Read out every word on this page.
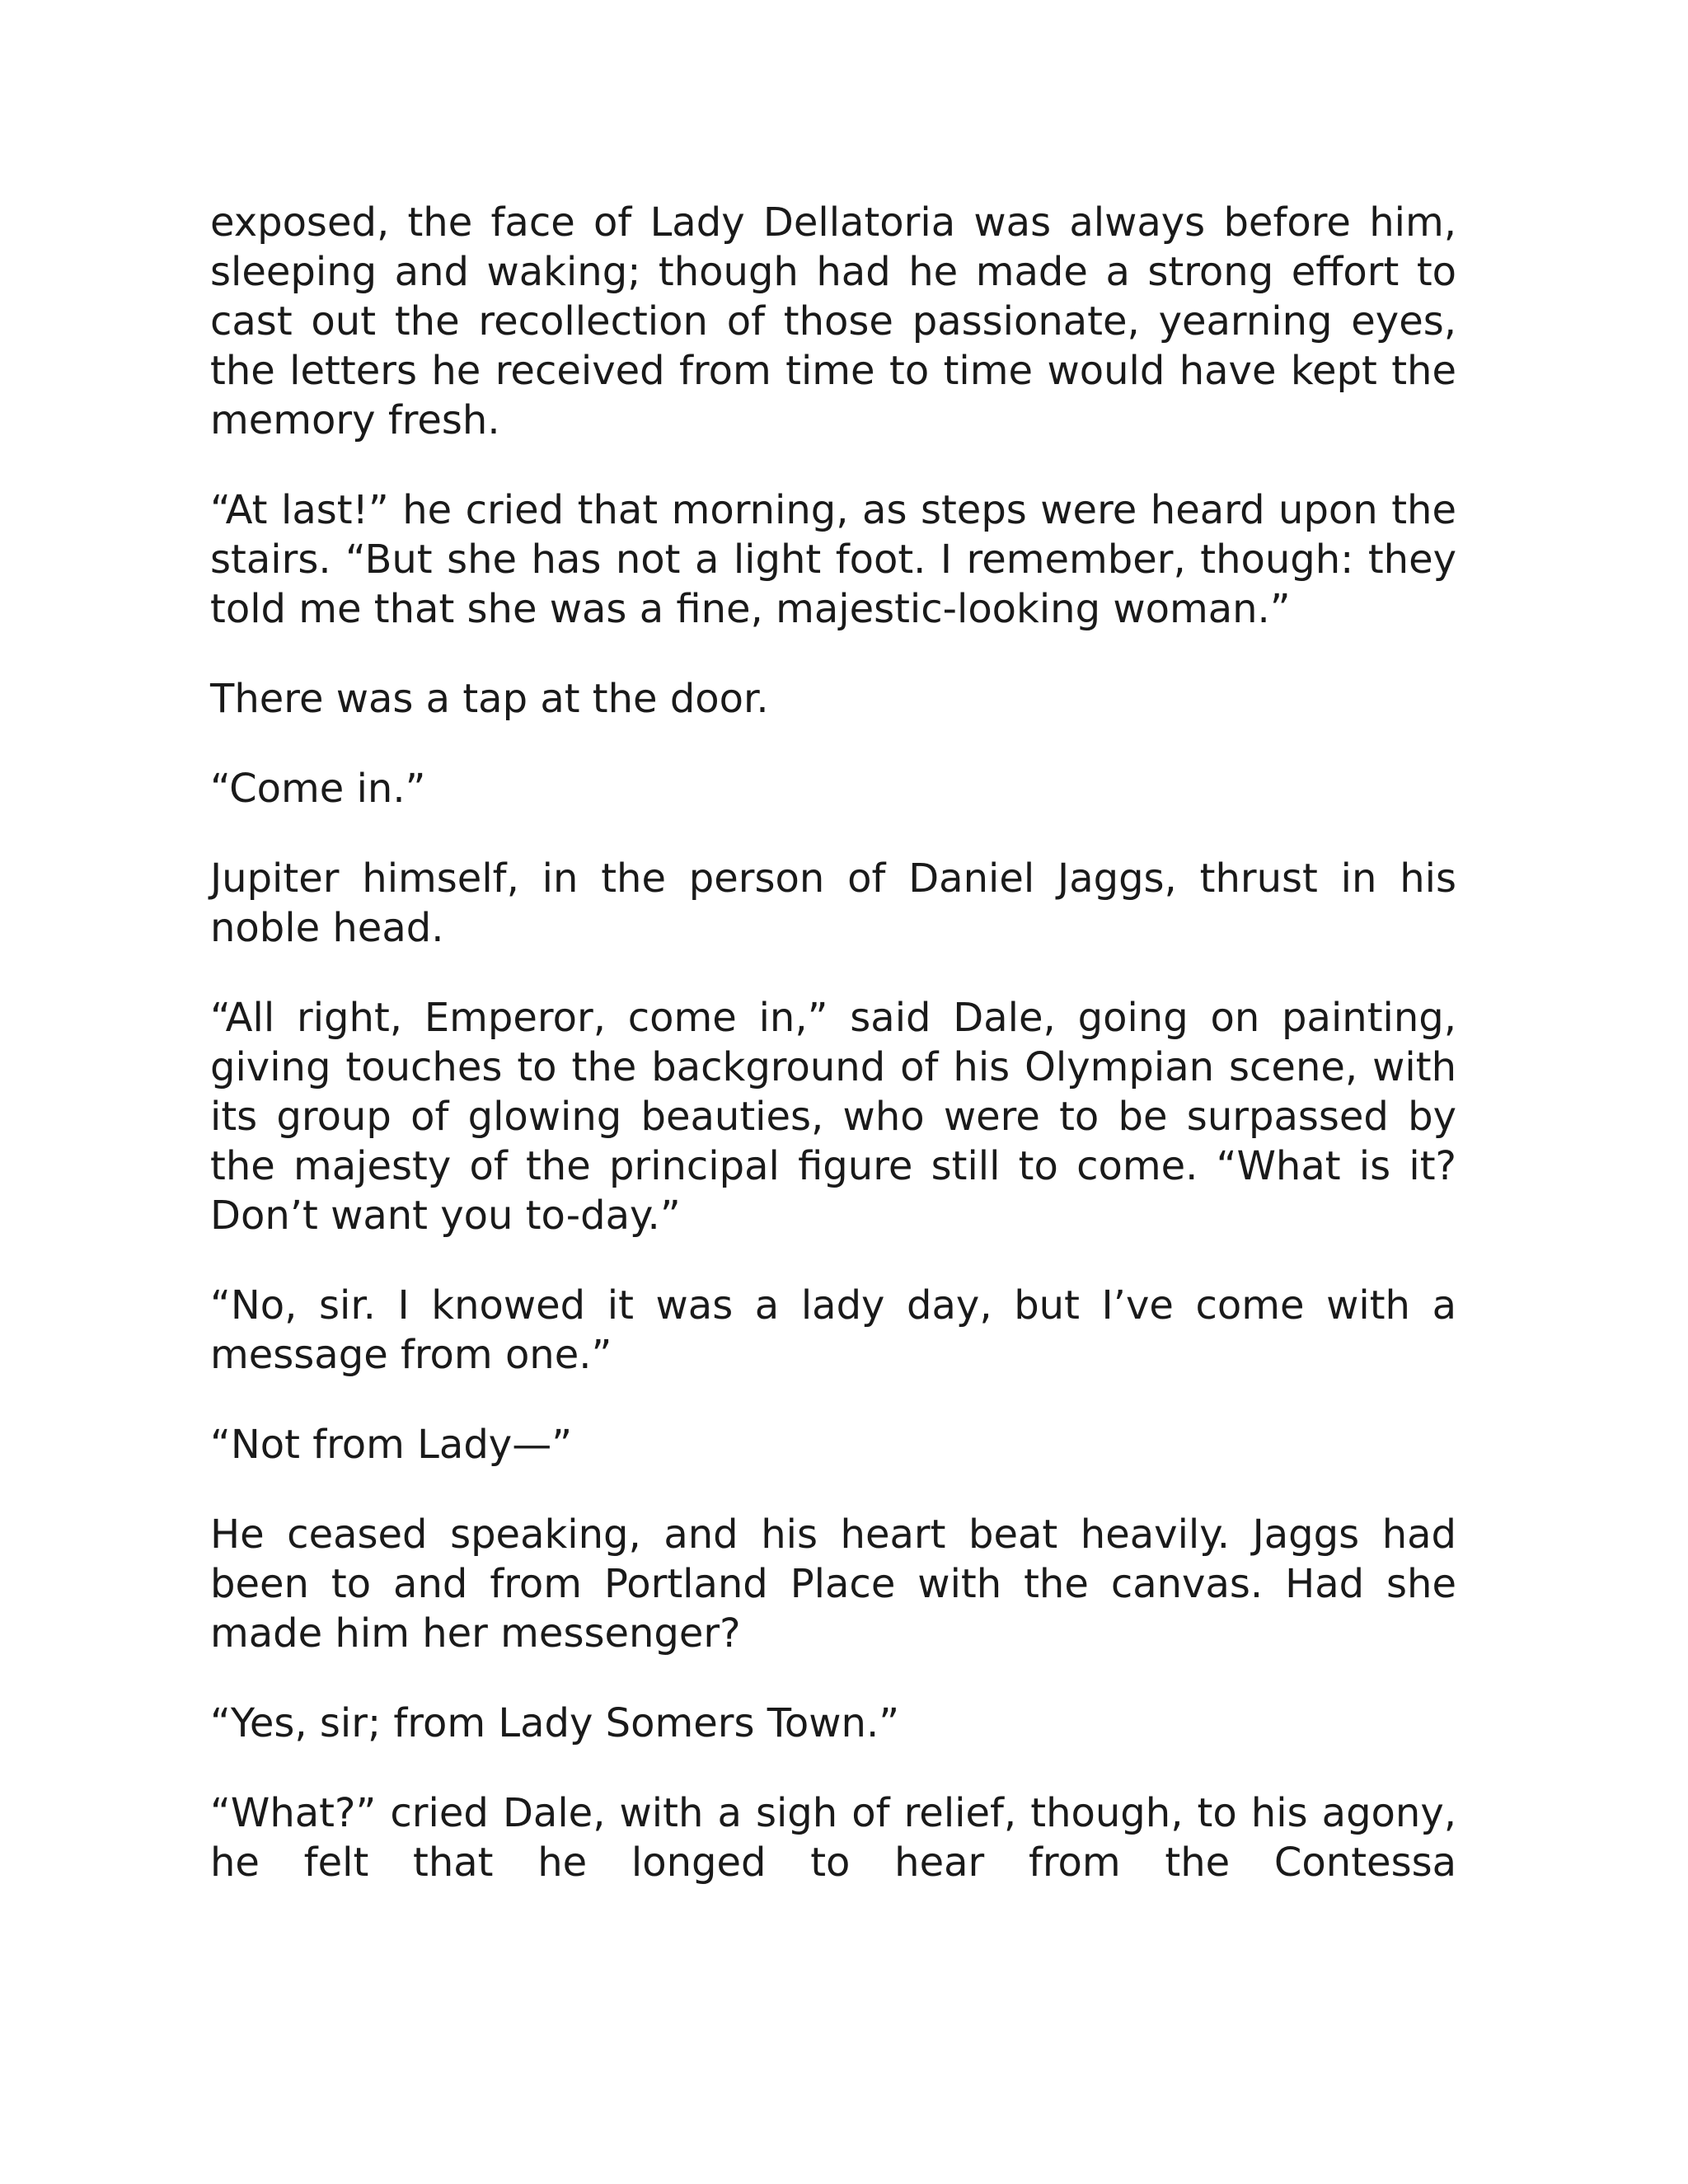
exposed, the face of Lady Dellatoria was always before him, sleeping and waking; though had he made a strong effort to cast out the recollection of those passionate, yearning eyes, the letters he received from time to time would have kept the memory fresh.

“At last!” he cried that morning, as steps were heard upon the stairs. “But she has not a light foot. I remember, though: they told me that she was a fine, majestic-looking woman.”

There was a tap at the door.

“Come in.”

Jupiter himself, in the person of Daniel Jaggs, thrust in his noble head.

“All right, Emperor, come in,” said Dale, going on painting, giving touches to the background of his Olympian scene, with its group of glowing beauties, who were to be surpassed by the majesty of the principal figure still to come. “What is it? Don’t want you to-day.”

“No, sir. I knowed it was a lady day, but I’ve come with a message from one.”

“Not from Lady—”

He ceased speaking, and his heart beat heavily. Jaggs had been to and from Portland Place with the canvas. Had she made him her messenger?

“Yes, sir; from Lady Somers Town.”

“What?” cried Dale, with a sigh of relief, though, to his agony, he felt that he longed to hear from the Contessa
